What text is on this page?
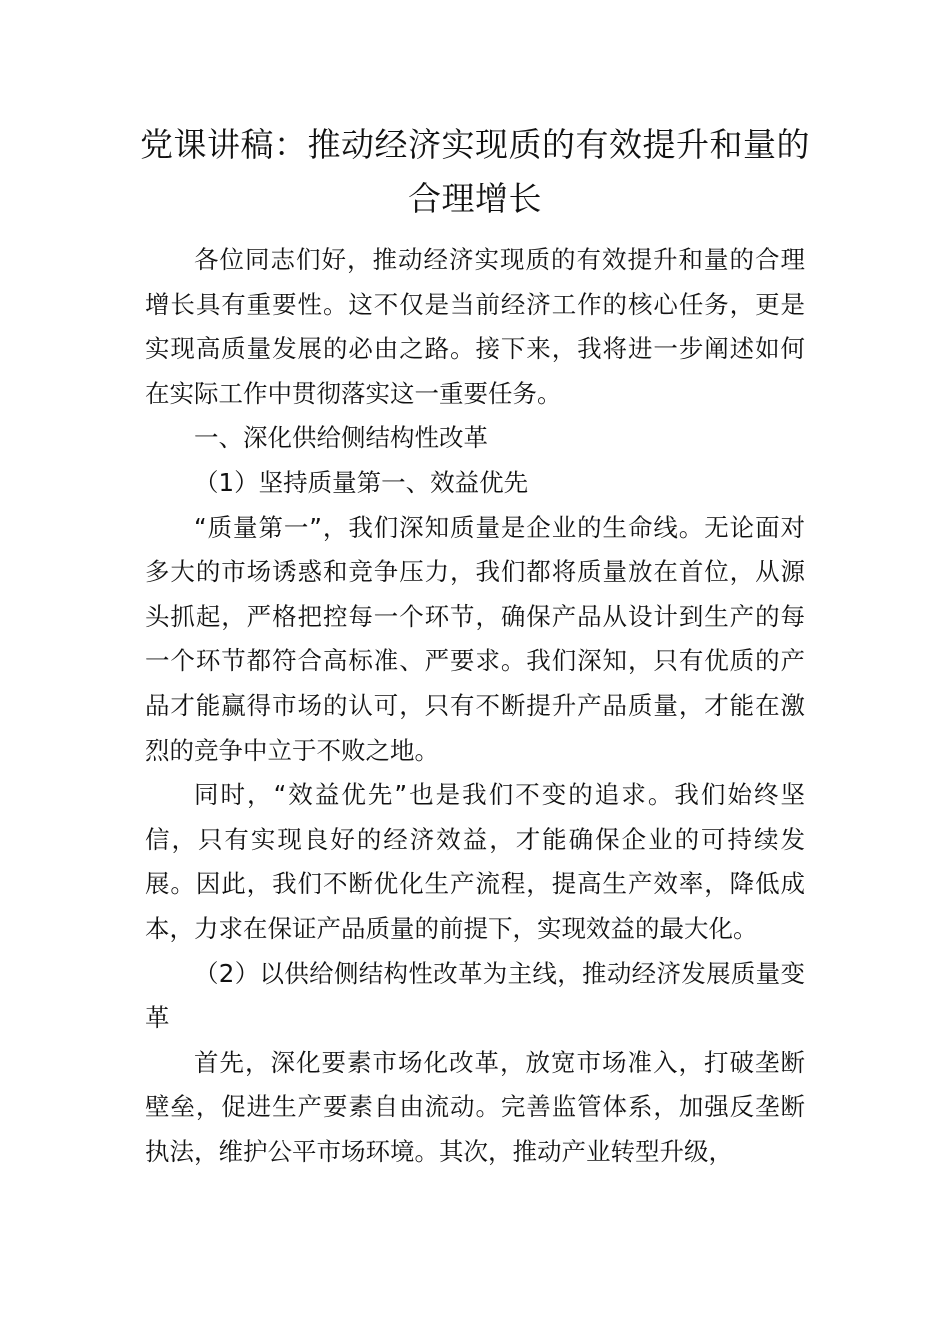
党课讲稿：推动经济实现质的有效提升和量的合理增长

各位同志们好，推动经济实现质的有效提升和量的合理增长具有重要性。这不仅是当前经济工作的核心任务，更是实现高质量发展的必由之路。接下来，我将进一步阐述如何在实际工作中贯彻落实这一重要任务。

一、深化供给侧结构性改革

（1）坚持质量第一、效益优先

“质量第一”，我们深知质量是企业的生命线。无论面对多大的市场诱惑和竞争压力，我们都将质量放在首位，从源头抓起，严格把控每一个环节，确保产品从设计到生产的每一个环节都符合高标准、严要求。我们深知，只有优质的产品才能赢得市场的认可，只有不断提升产品质量，才能在激烈的竞争中立于不败之地。

同时，“效益优先”也是我们不变的追求。我们始终坚信，只有实现良好的经济效益，才能确保企业的可持续发展。因此，我们不断优化生产流程，提高生产效率，降低成本，力求在保证产品质量的前提下，实现效益的最大化。

（2）以供给侧结构性改革为主线，推动经济发展质量变革

首先，深化要素市场化改革，放宽市场准入，打破垄断壁垒，促进生产要素自由流动。完善监管体系，加强反垄断执法，维护公平市场环境。其次，推动产业转型升级，
